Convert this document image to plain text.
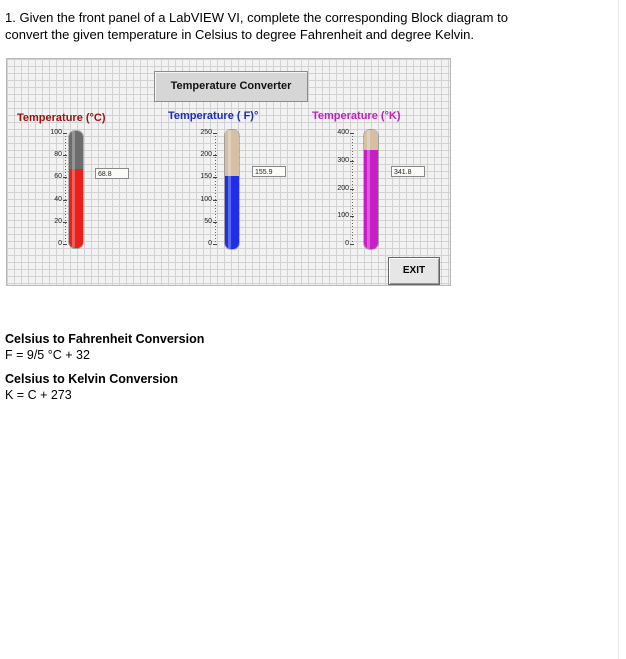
1. Given the front panel of a LabVIEW VI, complete the corresponding Block diagram to
convert the given temperature in Celsius to degree Fahrenheit and degree Kelvin.
Temperature Converter
Temperature (°C)
100
80
60
40
20
0
68.8
Temperature ( F)°
250
200
150
100
50
0
155.9
Temperature (°K)
400
300
200
100
0
341.8
EXIT
Celsius to Fahrenheit Conversion
F = 9/5 °C + 32
Celsius to Kelvin Conversion
K = C + 273
